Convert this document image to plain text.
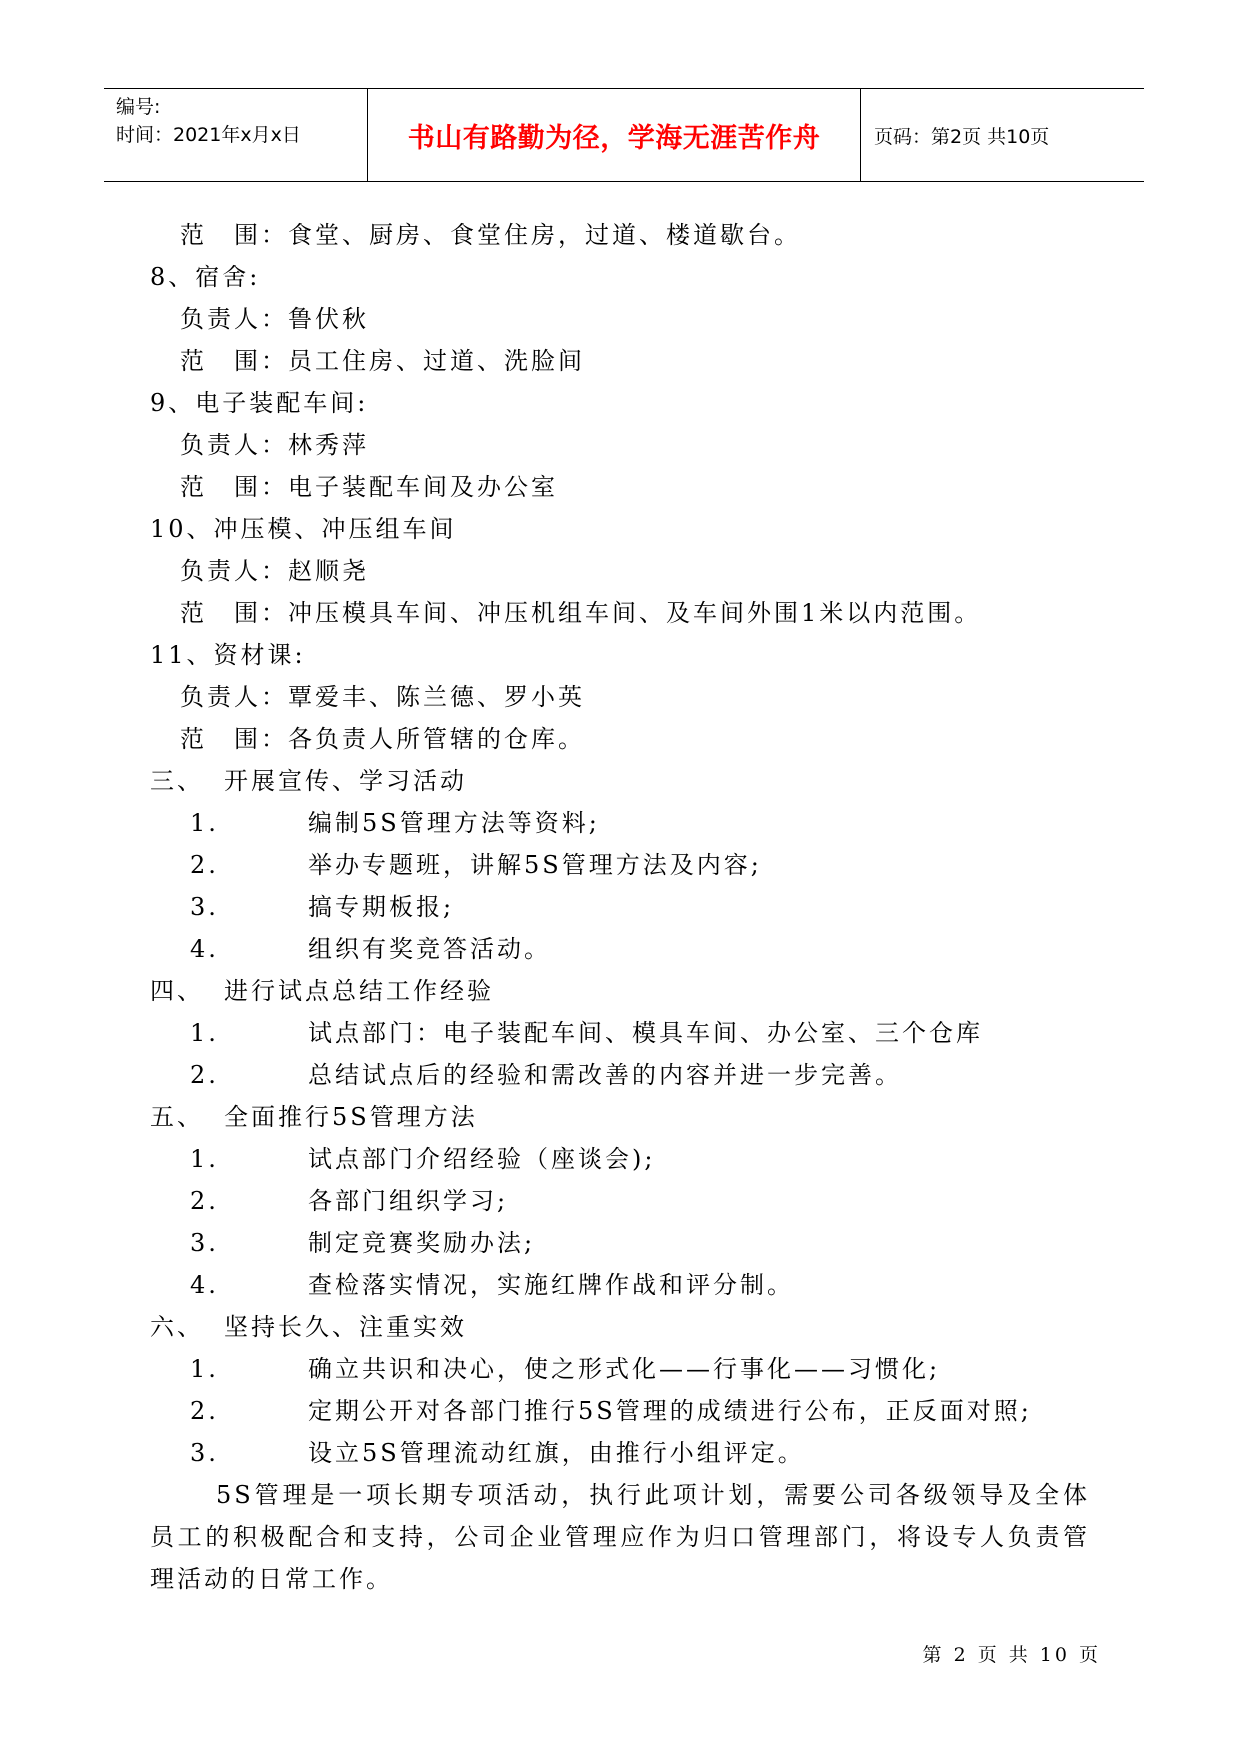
编号:
时间：2021年x月x日	书山有路勤为径，学海无涯苦作舟	页码：第2页 共10页
范　围：食堂、厨房、食堂住房，过道、楼道歇台。
8、宿舍:
负责人：鲁伏秋
范　围：员工住房、过道、洗脸间
9、电子装配车间:
负责人：林秀萍
范　围：电子装配车间及办公室
10、冲压模、冲压组车间
负责人：赵顺尧
范　围：冲压模具车间、冲压机组车间、及车间外围1米以内范围。
11、资材课:
负责人：覃爱丰、陈兰德、罗小英
范　围：各负责人所管辖的仓库。
三、 开展宣传、学习活动
1.	编制5S管理方法等资料;
2.	举办专题班，讲解5S管理方法及内容;
3.	搞专期板报;
4.	组织有奖竞答活动。
四、 进行试点总结工作经验
1.	试点部门：电子装配车间、模具车间、办公室、三个仓库
2.	总结试点后的经验和需改善的内容并进一步完善。
五、 全面推行5S管理方法
1.	试点部门介绍经验（座谈会);
2.	各部门组织学习;
3.	制定竞赛奖励办法;
4.	查检落实情况，实施红牌作战和评分制。
六、 坚持长久、注重实效
1.	确立共识和决心，使之形式化——行事化——习惯化;
2.	定期公开对各部门推行5S管理的成绩进行公布，正反面对照;
3.	设立5S管理流动红旗，由推行小组评定。
5S管理是一项长期专项活动，执行此项计划，需要公司各级领导及全体员工的积极配合和支持，公司企业管理应作为归口管理部门，将设专人负责管理活动的日常工作。
第 2 页 共 10 页
